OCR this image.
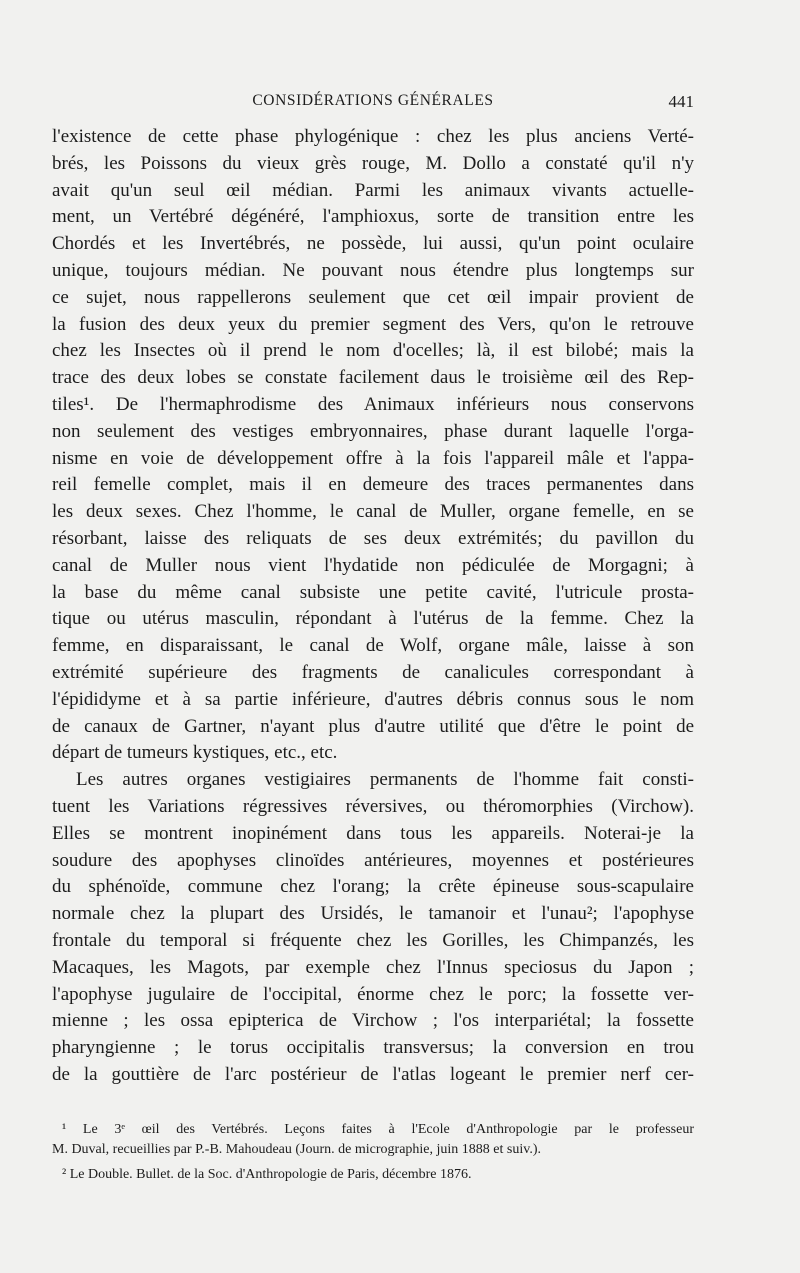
CONSIDÉRATIONS GÉNÉRALES	441
l'existence de cette phase phylogénique : chez les plus anciens Verté-
brés, les Poissons du vieux grès rouge, M. Dollo a constaté qu'il n'y
avait qu'un seul œil médian. Parmi les animaux vivants actuelle-
ment, un Vertébré dégénéré, l'amphioxus, sorte de transition entre les
Chordés et les Invertébrés, ne possède, lui aussi, qu'un point oculaire
unique, toujours médian. Ne pouvant nous étendre plus longtemps sur
ce sujet, nous rappellerons seulement que cet œil impair provient de
la fusion des deux yeux du premier segment des Vers, qu'on le retrouve
chez les Insectes où il prend le nom d'ocelles; là, il est bilobé; mais la
trace des deux lobes se constate facilement daus le troisième œil des Rep-
tiles¹. De l'hermaphrodisme des Animaux inférieurs nous conservons
non seulement des vestiges embryonnaires, phase durant laquelle l'orga-
nisme en voie de développement offre à la fois l'appareil mâle et l'appa-
reil femelle complet, mais il en demeure des traces permanentes dans
les deux sexes. Chez l'homme, le canal de Muller, organe femelle, en se
résorbant, laisse des reliquats de ses deux extrémités; du pavillon du
canal de Muller nous vient l'hydatide non pédiculée de Morgagni; à
la base du même canal subsiste une petite cavité, l'utricule prosta-
tique ou utérus masculin, répondant à l'utérus de la femme. Chez la
femme, en disparaissant, le canal de Wolf, organe mâle, laisse à son
extrémité supérieure des fragments de canalicules correspondant à
l'épididyme et à sa partie inférieure, d'autres débris connus sous le nom
de canaux de Gartner, n'ayant plus d'autre utilité que d'être le point de
départ de tumeurs kystiques, etc., etc.
Les autres organes vestigiaires permanents de l'homme fait consti-
tuent les Variations régressives réversives, ou théromorphies (Virchow).
Elles se montrent inopinément dans tous les appareils. Noterai-je la
soudure des apophyses clinoïdes antérieures, moyennes et postérieures
du sphénoïde, commune chez l'orang; la crête épineuse sous-scapulaire
normale chez la plupart des Ursidés, le tamanoir et l'unau²; l'apophyse
frontale du temporal si fréquente chez les Gorilles, les Chimpanzés, les
Macaques, les Magots, par exemple chez l'Innus speciosus du Japon ;
l'apophyse jugulaire de l'occipital, énorme chez le porc; la fossette ver-
mienne ; les ossa epipterica de Virchow ; l'os interpariétal; la fossette
pharyngienne ; le torus occipitalis transversus; la conversion en trou
de la gouttière de l'arc postérieur de l'atlas logeant le premier nerf cer-
¹ Le 3ᵉ œil des Vertébrés. Leçons faites à l'Ecole d'Anthropologie par le professeur
M. Duval, recueillies par P.-B. Mahoudeau (Journ. de micrographie, juin 1888 et suiv.).
² Le Double. Bullet. de la Soc. d'Anthropologie de Paris, décembre 1876.
